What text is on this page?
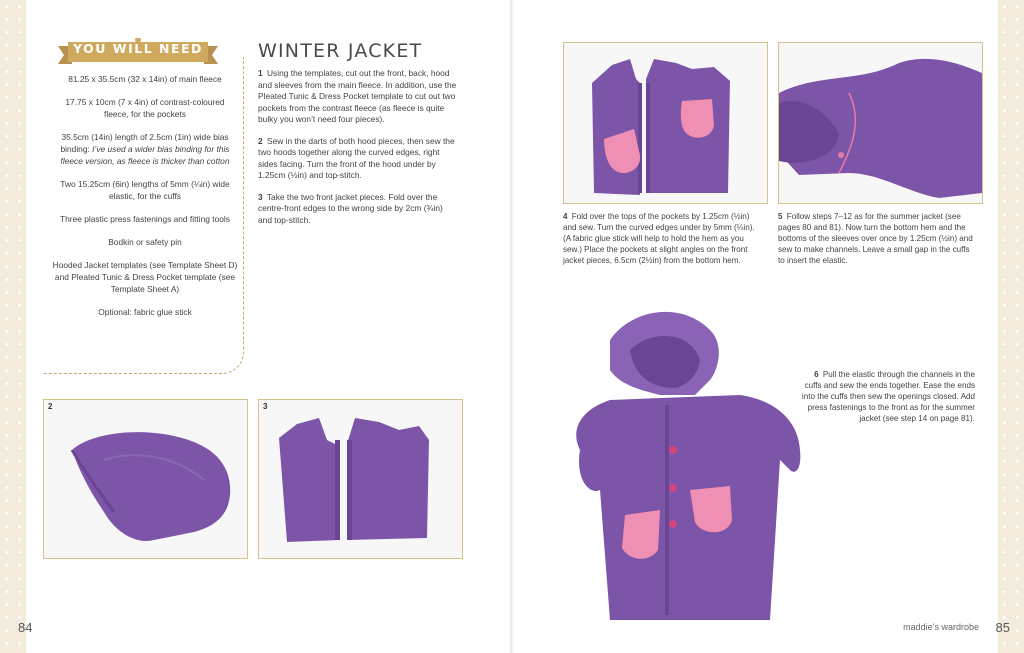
YOU WILL NEED
81.25 x 35.5cm (32 x 14in) of main fleece
17.75 x 10cm (7 x 4in) of contrast-coloured fleece, for the pockets
35.5cm (14in) length of 2.5cm (1in) wide bias binding: I’ve used a wider bias binding for this fleece version, as fleece is thicker than cotton
Two 15.25cm (6in) lengths of 5mm (¼in) wide elastic, for the cuffs
Three plastic press fastenings and fitting tools
Bodkin or safety pin
Hooded Jacket templates (see Template Sheet D) and Pleated Tunic & Dress Pocket template (see Template Sheet A)
Optional: fabric glue stick
WINTER JACKET

1 Using the templates, cut out the front, back, hood and sleeves from the main fleece. In addition, use the Pleated Tunic & Dress Pocket template to cut out two pockets from the contrast fleece (as fleece is quite bulky you won’t need four pieces).

2 Sew in the darts of both hood pieces, then sew the two hoods together along the curved edges, right sides facing. Turn the front of the hood under by 1.25cm (½in) and top-stitch.

3 Take the two front jacket pieces. Fold over the centre-front edges to the wrong side by 2cm (¾in) and top-stitch.

2	3
4 Fold over the tops of the pockets by 1.25cm (½in) and sew. Turn the curved edges under by 5mm (¼in). (A fabric glue stick will help to hold the hem as you sew.) Place the pockets at slight angles on the front jacket pieces, 6.5cm (2½in) from the bottom hem.
5 Follow steps 7–12 as for the summer jacket (see pages 80 and 81). Now turn the bottom hem and the bottoms of the sleeves over once by 1.25cm (½in) and sew to make channels. Leave a small gap in the cuffs to insert the elastic.
6 Pull the elastic through the channels in the cuffs and sew the ends together. Ease the ends into the cuffs then sew the openings closed. Add press fastenings to the front as for the summer jacket (see step 14 on page 81).
84	maddie’s wardrobe 85
